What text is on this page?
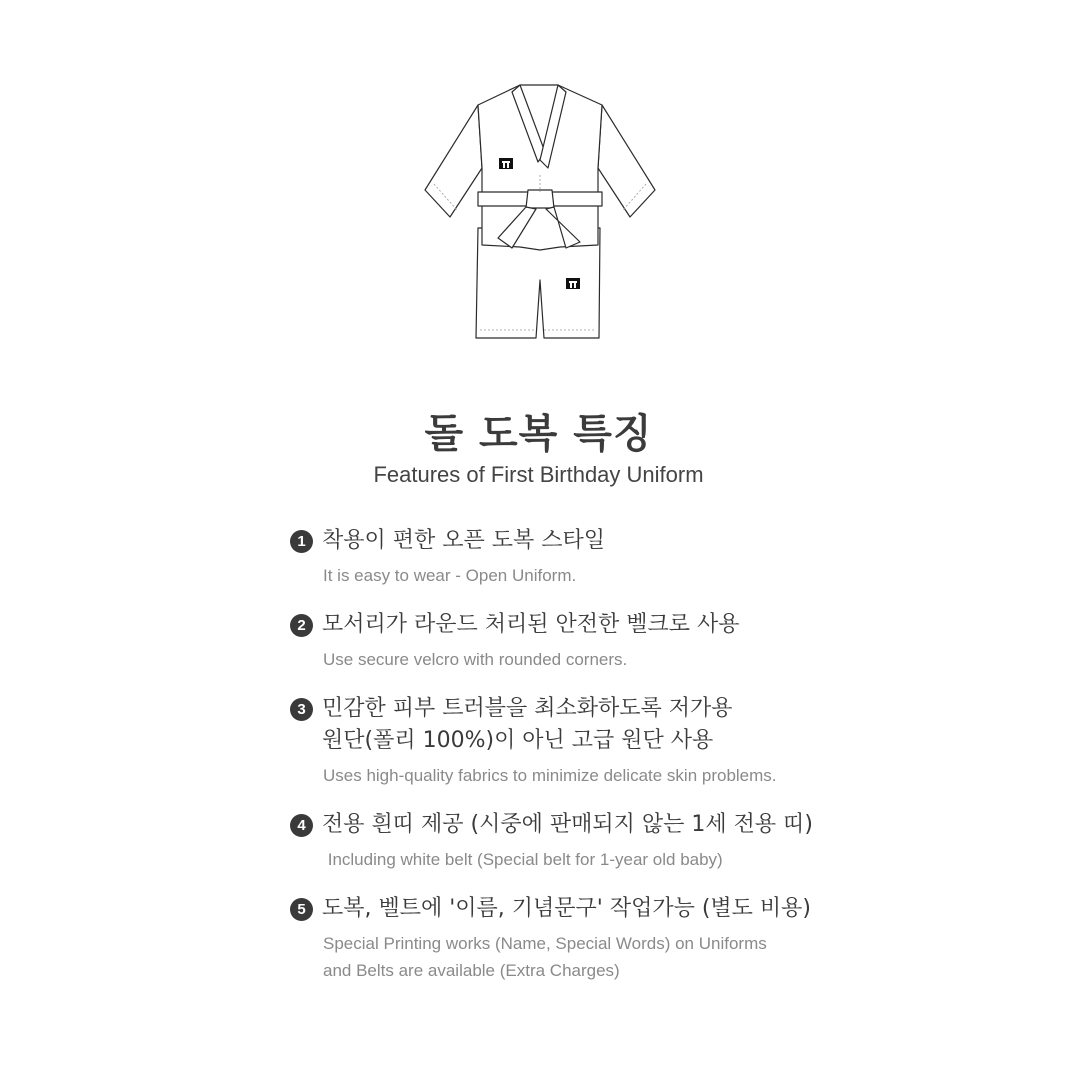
돌 도복 특징
Features of First Birthday Uniform
1 착용이 편한 오픈 도복 스타일
It is easy to wear - Open Uniform.
2 모서리가 라운드 처리된 안전한 벨크로 사용
Use secure velcro with rounded corners.
3 민감한 피부 트러블을 최소화하도록 저가용
원단(폴리 100%)이 아닌 고급 원단 사용
Uses high-quality fabrics to minimize delicate skin problems.
4 전용 흰띠 제공 (시중에 판매되지 않는 1세 전용 띠)
Including white belt (Special belt for 1-year old baby)
5 도복, 벨트에 '이름, 기념문구' 작업가능 (별도 비용)
Special Printing works (Name, Special Words) on Uniforms
and Belts are available (Extra Charges)
